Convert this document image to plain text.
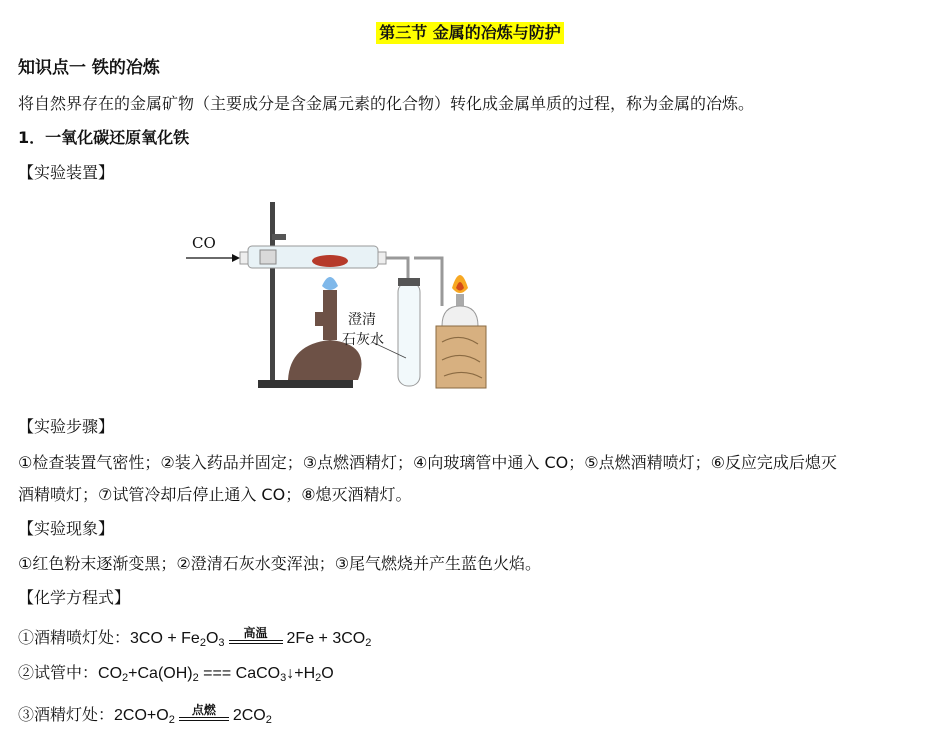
第三节 金属的冶炼与防护
知识点一 铁的冶炼
将自然界存在的金属矿物（主要成分是含金属元素的化合物）转化成金属单质的过程，称为金属的冶炼。
1．一氧化碳还原氧化铁
【实验装置】
CO
澄清
石灰水
【实验步骤】
①检查装置气密性；②装入药品并固定；③点燃酒精灯；④向玻璃管中通入 CO；⑤点燃酒精喷灯；⑥反应完成后熄灭
酒精喷灯；⑦试管冷却后停止通入 CO；⑧熄灭酒精灯。
【实验现象】
①红色粉末逐渐变黑；②澄清石灰水变浑浊；③尾气燃烧并产生蓝色火焰。
【化学方程式】
①酒精喷灯处：$3CO + Fe_2O_3$
高温	$2Fe + 3CO_2$
②试管中：$CO_2+Ca(OH)_2$ === $CaCO_3↓+H_2O$
③酒精灯处：$2CO+O_2$
点燃	$2CO_2$
